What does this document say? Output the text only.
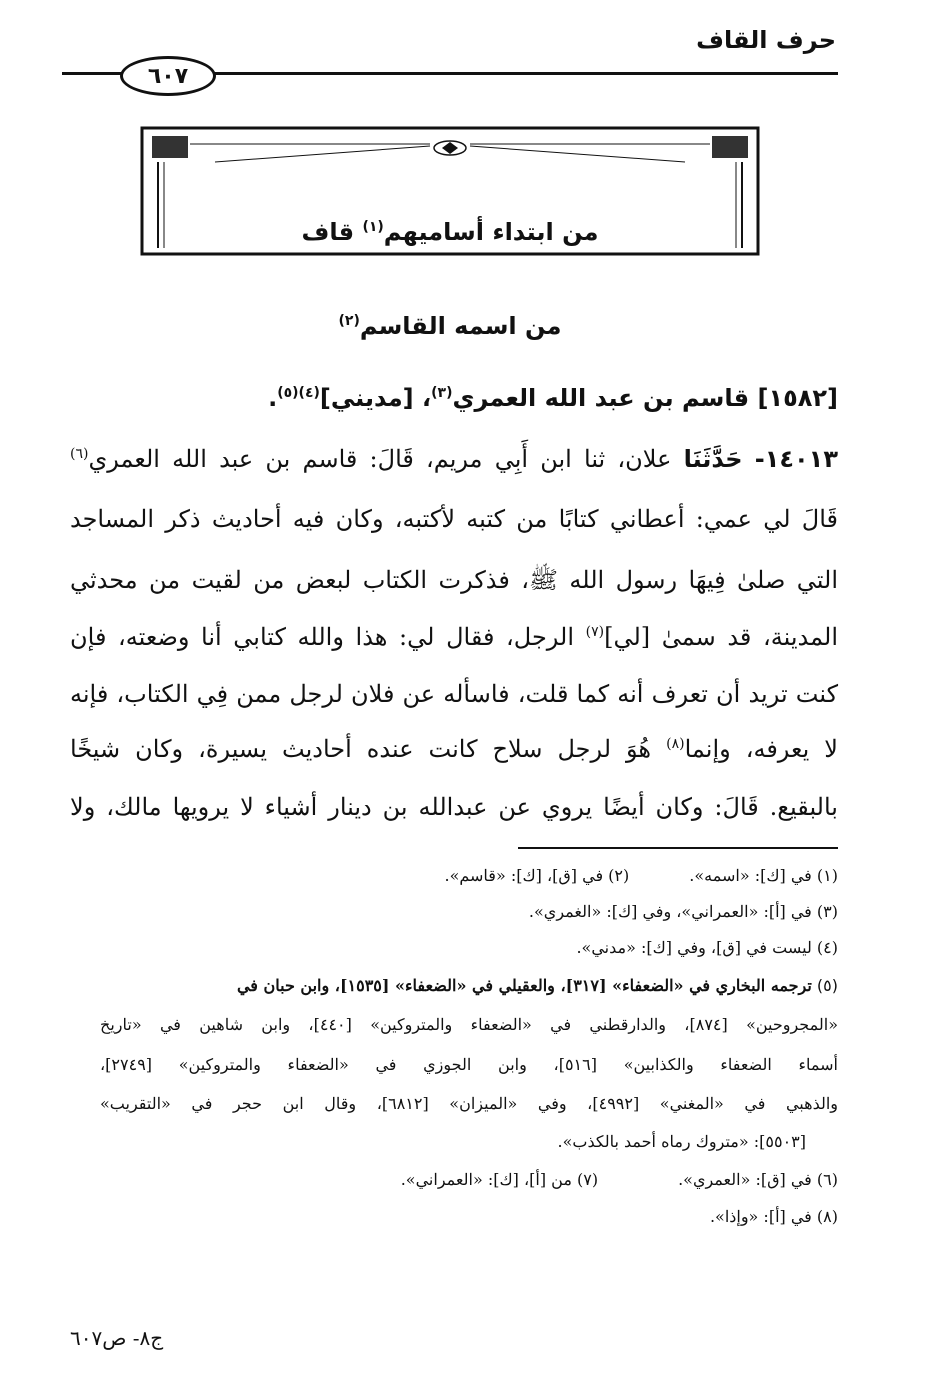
حرف القاف
٦٠٧
من ابتداء أساميهم$^{(١)}$ قاف
من اسمه القاسم$^{(٢)}$
[١٥٨٢] قاسم بن عبد الله العمري$^{(٣)}$، [مديني]$^{(٤)(٥)}$.
١٤٠١٣- حَدَّثَنَا علان، ثنا ابن أَبِي مريم، قَالَ: قاسم بن عبد الله العمري$^{(٦)}$
قَالَ لي عمي: أعطاني كتابًا من كتبه لأكتبه، وكان فيه أحاديث ذكر المساجد
التي صلىٰ فِيهَا رسول الله ﷺ، فذكرت الكتاب لبعض من لقيت من محدثي
المدينة، قد سمىٰ [لي]$^{(٧)}$ الرجل، فقال لي: هذا والله كتابي أنا وضعته، فإن
كنت تريد أن تعرف أنه كما قلت، فاسأله عن فلان لرجل ممن فِي الكتاب، فإنه
لا يعرفه، وإنما$^{(٨)}$ هُوَ لرجل سلاح كانت عنده أحاديث يسيرة، وكان شيخًا
بالبقيع. قَالَ: وكان أيضًا يروي عن عبدالله بن دينار أشياء لا يرويها مالك، ولا
(١) في [ك]: «اسمه».
(٢) في [ق]، [ك]: «قاسم».
(٣) في [أ]: «العمراني»، وفي [ك]: «الغمري».
(٤) ليست في [ق]، وفي [ك]: «مدني».
(٥) ترجمه البخاري في «الضعفاء» [٣١٧]، والعقيلي في «الضعفاء» [١٥٣٥]، وابن حبان في
«المجروحين» [٨٧٤]، والدارقطني في «الضعفاء والمتروكين» [٤٤٠]، وابن شاهين في «تاريخ
أسماء الضعفاء والكذابين» [٥١٦]، وابن الجوزي في «الضعفاء والمتروكين» [٢٧٤٩]،
والذهبي في «المغني» [٤٩٩٢]، وفي «الميزان» [٦٨١٢]، وقال ابن حجر في «التقريب»
[٥٥٠٣]: «متروك رماه أحمد بالكذب».
(٦) في [ق]: «العمري».
(٧) من [أ]، [ك]: «العمراني».
(٨) في [أ]: «وإذا».
ج٨- ص٦٠٧
